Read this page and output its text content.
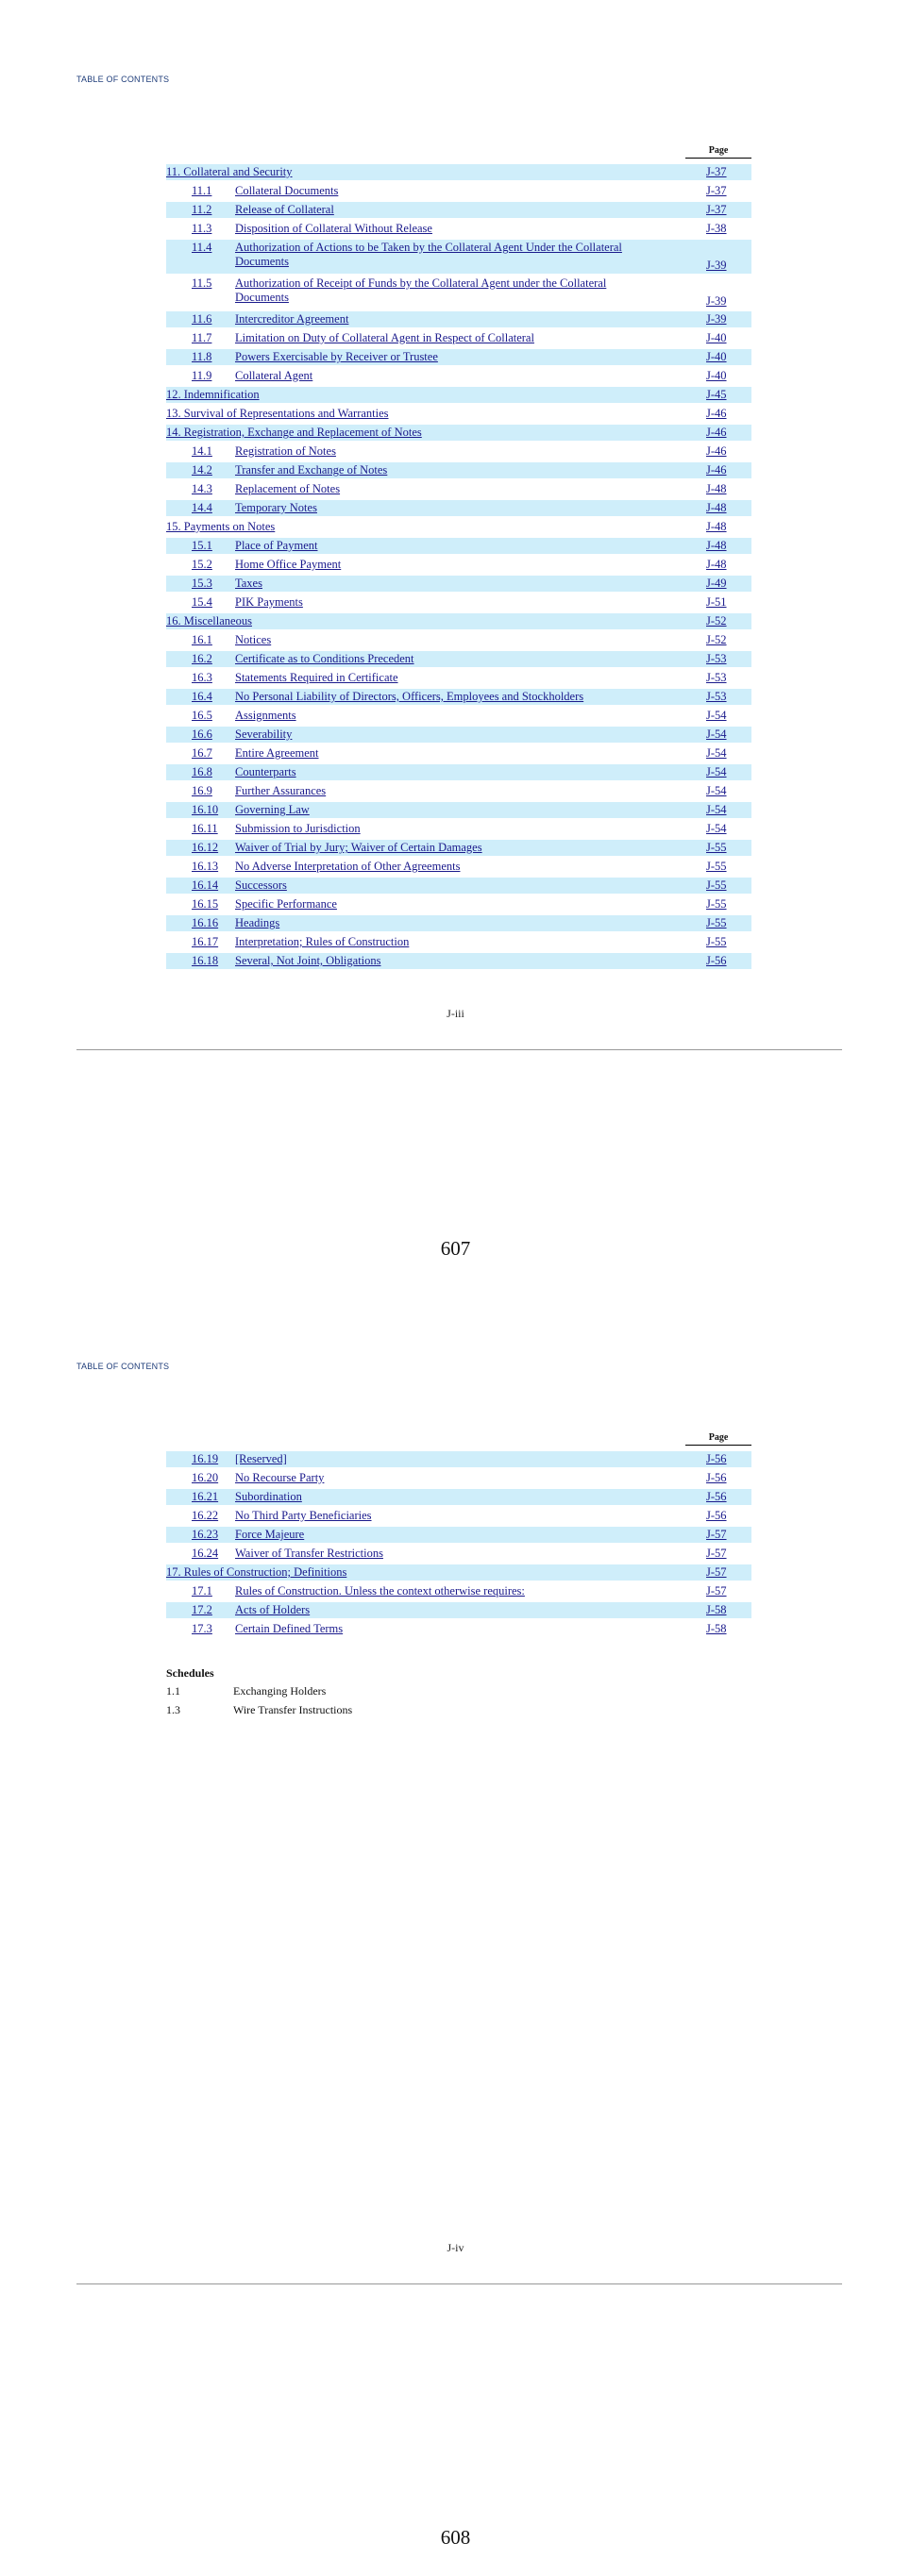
TABLE OF CONTENTS
Page
11. Collateral and Security	J-37
11.1 Collateral Documents	J-37
11.2 Release of Collateral	J-37
11.3 Disposition of Collateral Without Release	J-38
11.4 Authorization of Actions to be Taken by the Collateral Agent Under the Collateral Documents	J-39
11.5 Authorization of Receipt of Funds by the Collateral Agent under the Collateral Documents	J-39
11.6 Intercreditor Agreement	J-39
11.7 Limitation on Duty of Collateral Agent in Respect of Collateral	J-40
11.8 Powers Exercisable by Receiver or Trustee	J-40
11.9 Collateral Agent	J-40
12. Indemnification	J-45
13. Survival of Representations and Warranties	J-46
14. Registration, Exchange and Replacement of Notes	J-46
14.1 Registration of Notes	J-46
14.2 Transfer and Exchange of Notes	J-46
14.3 Replacement of Notes	J-48
14.4 Temporary Notes	J-48
15. Payments on Notes	J-48
15.1 Place of Payment	J-48
15.2 Home Office Payment	J-48
15.3 Taxes	J-49
15.4 PIK Payments	J-51
16. Miscellaneous	J-52
16.1 Notices	J-52
16.2 Certificate as to Conditions Precedent	J-53
16.3 Statements Required in Certificate	J-53
16.4 No Personal Liability of Directors, Officers, Employees and Stockholders	J-53
16.5 Assignments	J-54
16.6 Severability	J-54
16.7 Entire Agreement	J-54
16.8 Counterparts	J-54
16.9 Further Assurances	J-54
16.10 Governing Law	J-54
16.11 Submission to Jurisdiction	J-54
16.12 Waiver of Trial by Jury; Waiver of Certain Damages	J-55
16.13 No Adverse Interpretation of Other Agreements	J-55
16.14 Successors	J-55
16.15 Specific Performance	J-55
16.16 Headings	J-55
16.17 Interpretation; Rules of Construction	J-55
16.18 Several, Not Joint, Obligations	J-56
J-iii
607
TABLE OF CONTENTS
Page
16.19 [Reserved]	J-56
16.20 No Recourse Party	J-56
16.21 Subordination	J-56
16.22 No Third Party Beneficiaries	J-56
16.23 Force Majeure	J-57
16.24 Waiver of Transfer Restrictions	J-57
17. Rules of Construction; Definitions	J-57
17.1 Rules of Construction. Unless the context otherwise requires:	J-57
17.2 Acts of Holders	J-58
17.3 Certain Defined Terms	J-58
Schedules
1.1	Exchanging Holders
1.3	Wire Transfer Instructions
J-iv
608
